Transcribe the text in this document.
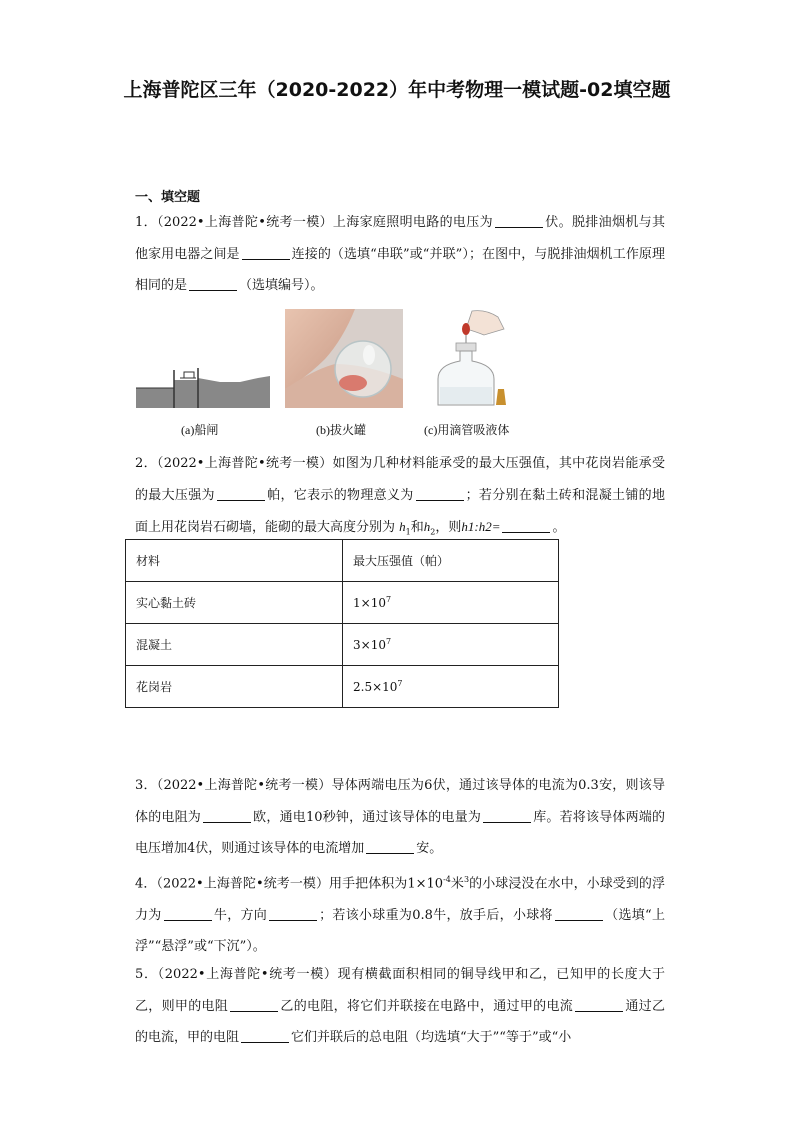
上海普陀区三年（2020-2022）年中考物理一模试题-02填空题
一、填空题
1．（2022•上海普陀•统考一模）上海家庭照明电路的电压为	伏。脱排油烟机与其他家用电器之间是	连接的（选填“串联”或“并联”）；在图中，与脱排油烟机工作原理相同的是	（选填编号）。
(a)船闸	(b)拔火罐	(c)用滴管吸液体
2．（2022•上海普陀•统考一模）如图为几种材料能承受的最大压强值，其中花岗岩能承受的最大压强为	帕，它表示的物理意义为	；若分别在黏土砖和混凝土铺的地面上用花岗岩石砌墙，能砌的最大高度分别为 $h_1$和$h_2$，则h1:h2=	。
材料	最大压强值（帕）
实心黏土砖	$1\times 10^7$
混凝土	$3\times 10^7$
花岗岩	$2.5\times 10^7$
3．（2022•上海普陀•统考一模）导体两端电压为6伏，通过该导体的电流为0.3安，则该导体的电阻为	欧，通电10秒钟，通过该导体的电量为	库。若将该导体两端的电压增加4伏，则通过该导体的电流增加	安。
4．（2022•上海普陀•统考一模）用手把体积为$1\times 10^{-4}$米$^3$的小球浸没在水中，小球受到的浮力为	牛，方向	；若该小球重为0.8牛，放手后，小球将	（选填“上浮”“悬浮”或“下沉”）。
5．（2022•上海普陀•统考一模）现有横截面积相同的铜导线甲和乙，已知甲的长度大于乙，则甲的电阻	乙的电阻，将它们并联接在电路中，通过甲的电流	通过乙的电流，甲的电阻	它们并联后的总电阻（均选填“大于”“等于”或“小
